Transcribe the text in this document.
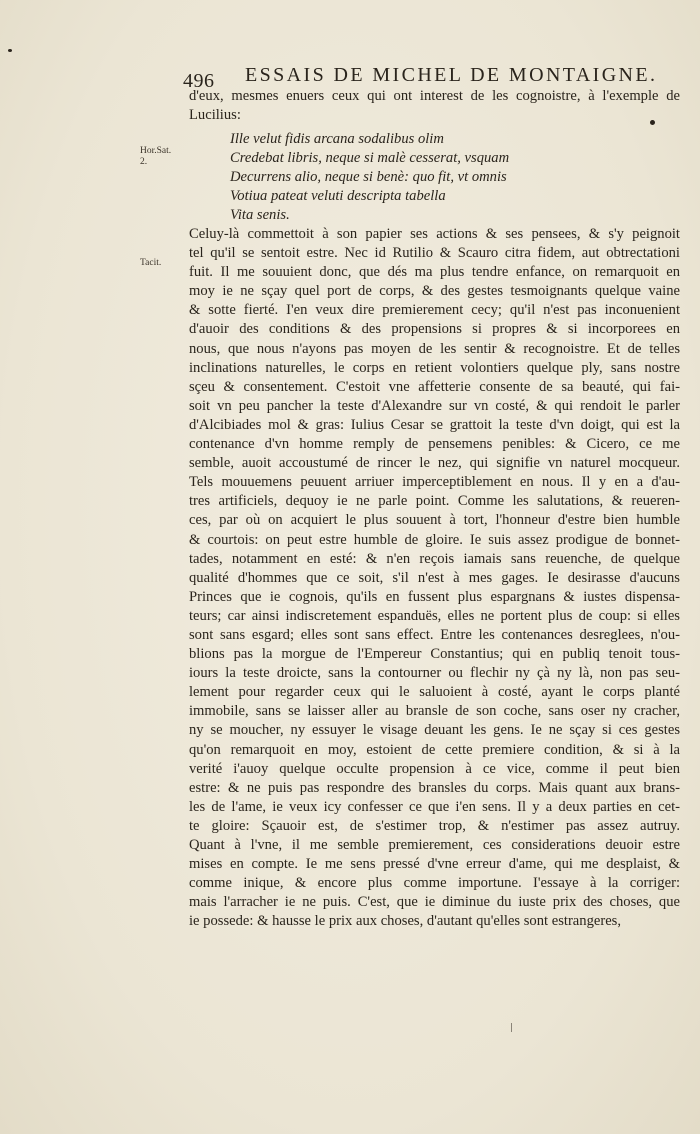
496 ESSAIS DE MICHEL DE MONTAIGNE.
d'eux, mesmes enuers ceux qui ont interest de les cognoistre, à l'exemple de
Lucilius:
Hor.Sat. 2.
Ille velut fidis arcana sodalibus olim
Credebat libris, neque si malè cesserat, vsquam
Decurrens alio, neque si benè: quo fit, vt omnis
Votiua pateat veluti descripta tabella
Vita senis.
Tacit.
Celuy-là commettoit à son papier ses actions & ses pensees, & s'y peignoit
tel qu'il se sentoit estre. Nec id Rutilio & Scauro citra fidem, aut obtrectationi
fuit. Il me souuient donc, que dés ma plus tendre enfance, on remarquoit en
moy ie ne sçay quel port de corps, & des gestes tesmoignants quelque vaine
& sotte fierté. I'en veux dire premierement cecy; qu'il n'est pas inconuenient
d'auoir des conditions & des propensions si propres & si incorporees en
nous, que nous n'ayons pas moyen de les sentir & recognoistre. Et de telles
inclinations naturelles, le corps en retient volontiers quelque ply, sans nostre
sçeu & consentement. C'estoit vne affetterie consente de sa beauté, qui fai-
soit vn peu pancher la teste d'Alexandre sur vn costé, & qui rendoit le parler
d'Alcibiades mol & gras: Iulius Cesar se grattoit la teste d'vn doigt, qui est la
contenance d'vn homme remply de pensemens penibles: & Cicero, ce me
semble, auoit accoustumé de rincer le nez, qui signifie vn naturel mocqueur.
Tels mouuemens peuuent arriuer imperceptiblement en nous. Il y en a d'au-
tres artificiels, dequoy ie ne parle point. Comme les salutations, & reueren-
ces, par où on acquiert le plus souuent à tort, l'honneur d'estre bien humble
& courtois: on peut estre humble de gloire. Ie suis assez prodigue de bonnet-
tades, notamment en esté: & n'en reçois iamais sans reuenche, de quelque
qualité d'hommes que ce soit, s'il n'est à mes gages. Ie desirasse d'aucuns
Princes que ie cognois, qu'ils en fussent plus espargnans & iustes dispensa-
teurs; car ainsi indiscretement espanduës, elles ne portent plus de coup: si elles
sont sans esgard; elles sont sans effect. Entre les contenances desreglees, n'ou-
blions pas la morgue de l'Empereur Constantius; qui en publiq tenoit tous-
iours la teste droicte, sans la contourner ou flechir ny çà ny là, non pas seu-
lement pour regarder ceux qui le saluoient à costé, ayant le corps planté
immobile, sans se laisser aller au bransle de son coche, sans oser ny cracher,
ny se moucher, ny essuyer le visage deuant les gens. Ie ne sçay si ces gestes
qu'on remarquoit en moy, estoient de cette premiere condition, & si à la
verité i'auoy quelque occulte propension à ce vice, comme il peut bien
estre: & ne puis pas respondre des bransles du corps. Mais quant aux brans-
les de l'ame, ie veux icy confesser ce que i'en sens. Il y a deux parties en cet-
te gloire: Sçauoir est, de s'estimer trop, & n'estimer pas assez autruy.
Quant à l'vne, il me semble premierement, ces considerations deuoir estre
mises en compte. Ie me sens pressé d'vne erreur d'ame, qui me desplaist, &
comme inique, & encore plus comme importune. I'essaye à la corriger:
mais l'arracher ie ne puis. C'est, que ie diminue du iuste prix des choses, que
ie possede: & hausse le prix aux choses, d'autant qu'elles sont estrangeres,
